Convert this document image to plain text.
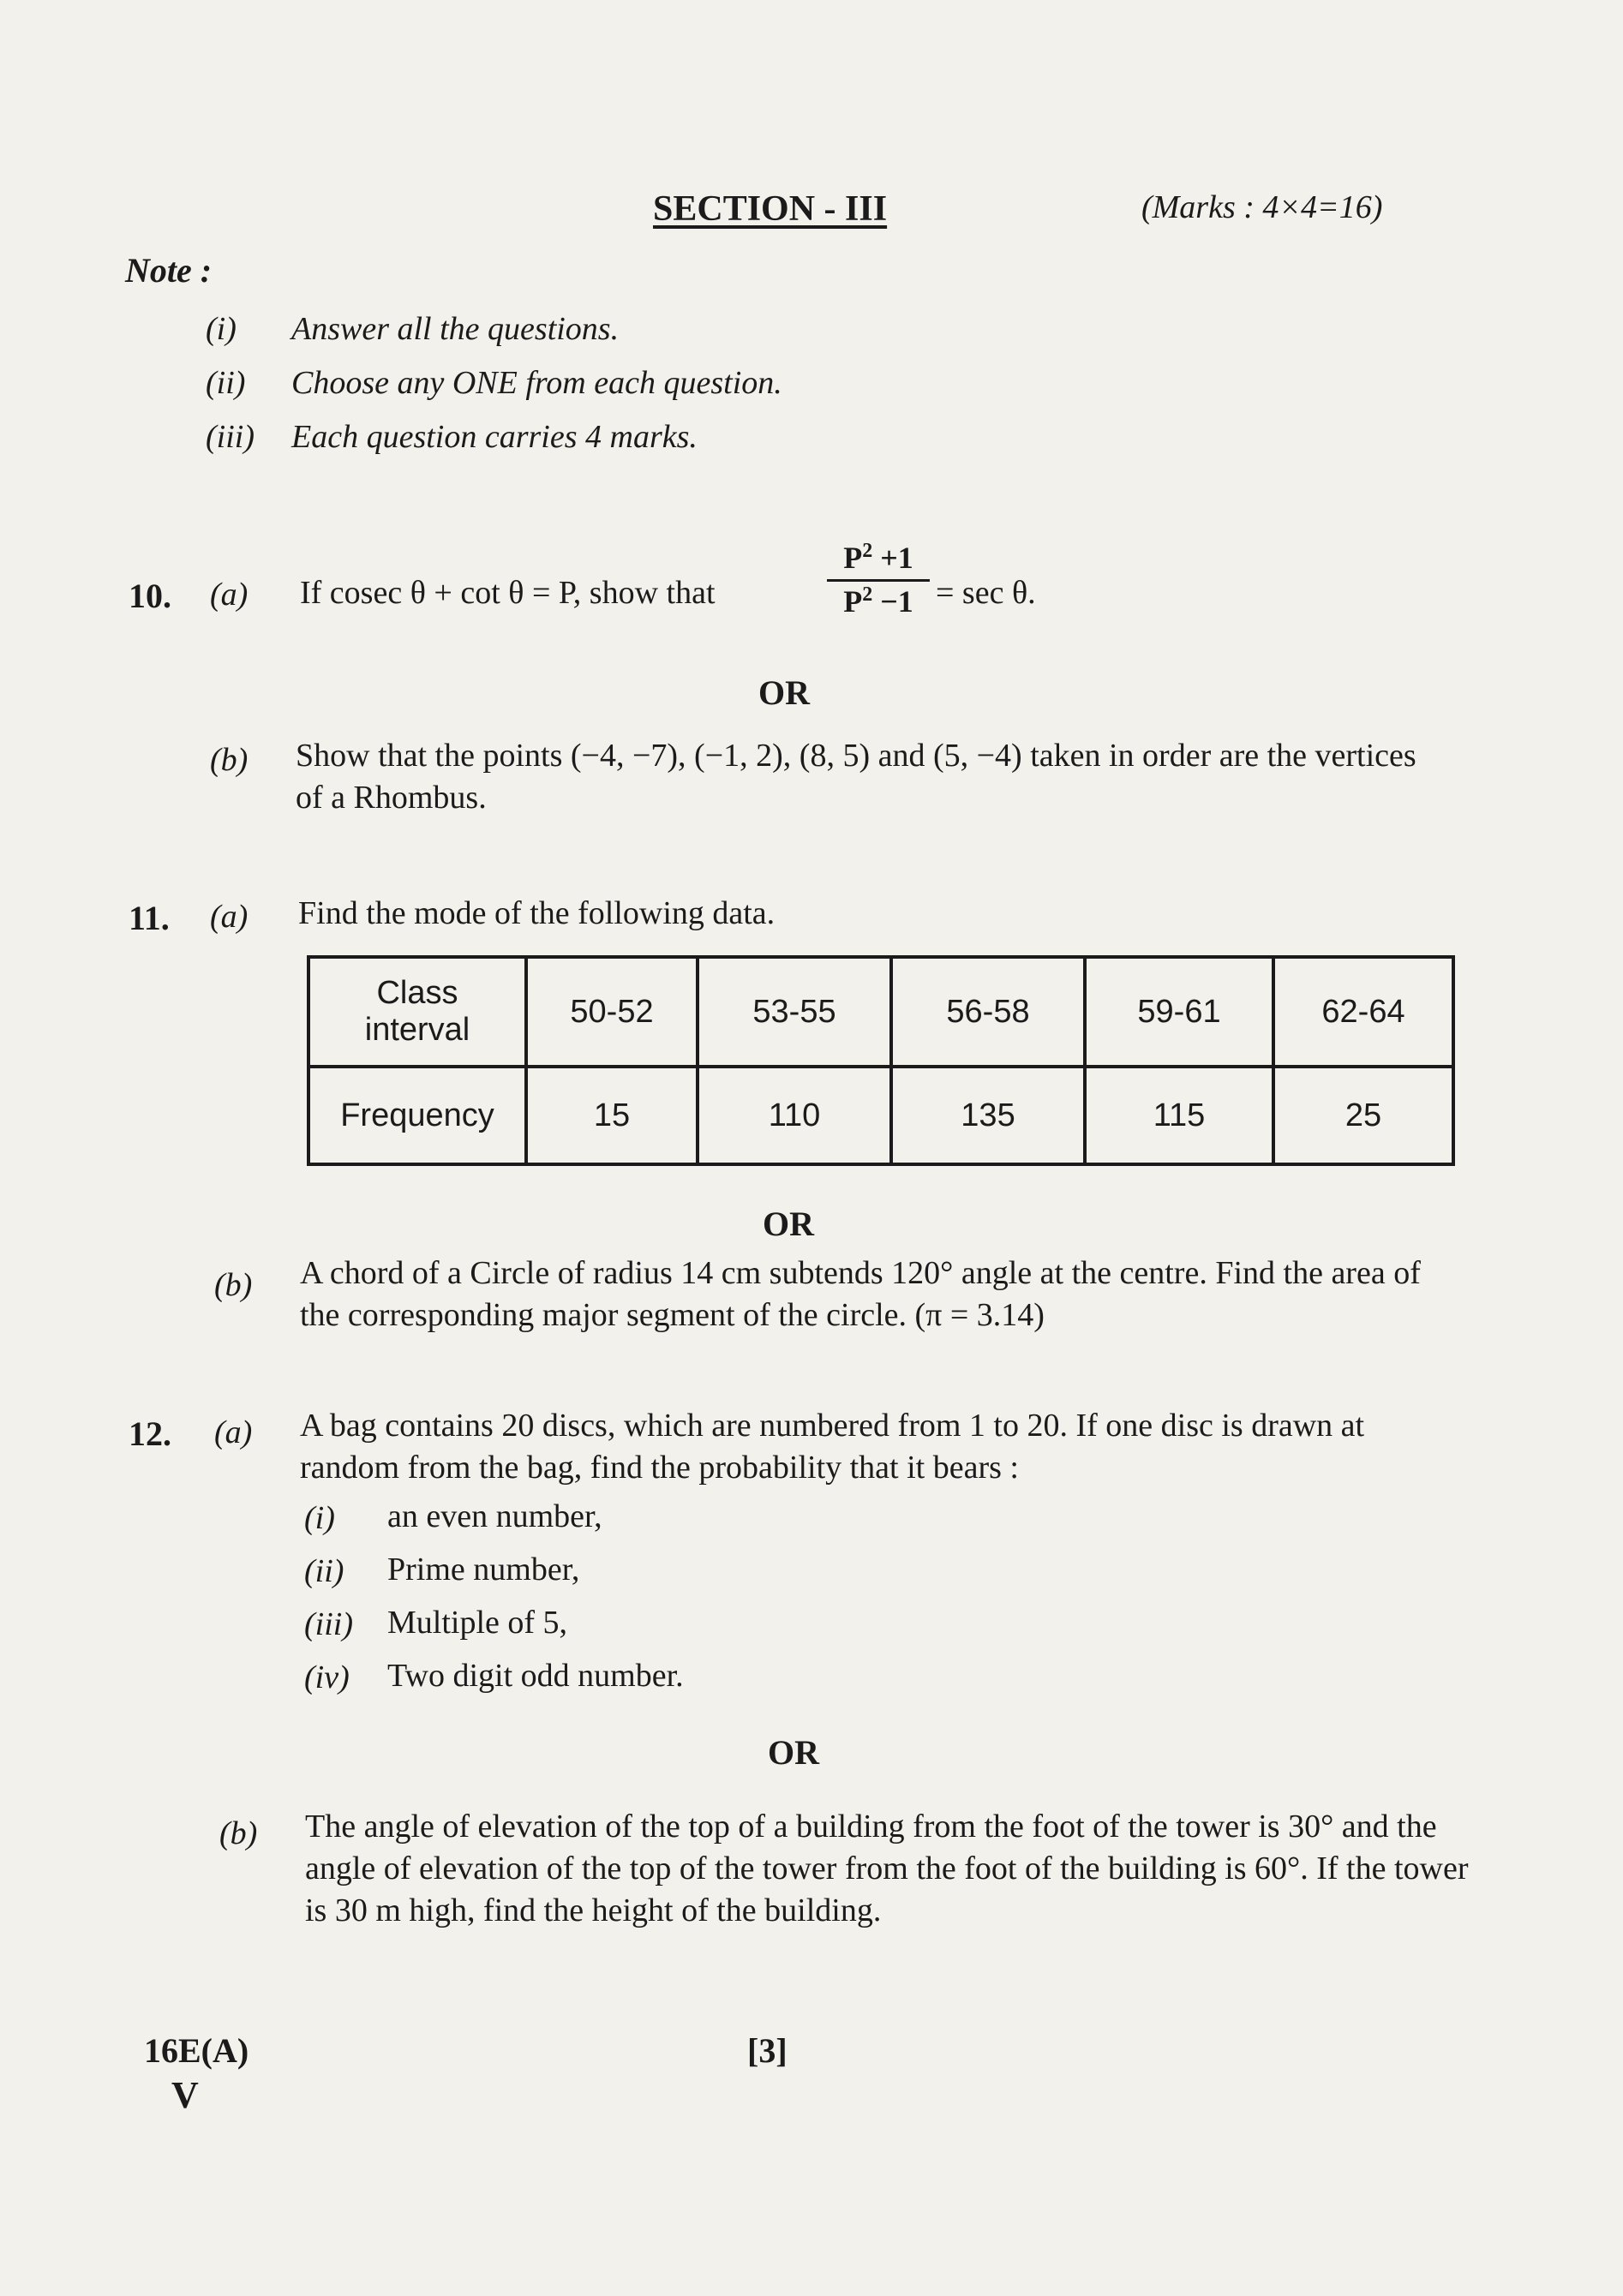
SECTION - III	(Marks : 4×4=16)
Note :
(i) Answer all the questions.
(ii) Choose any ONE from each question.
(iii) Each question carries 4 marks.
10. (a) If cosec θ + cot θ = P, show that	$\frac{P^2 +1}{P^2 -1} = \sec \theta$.
OR
(b) Show that the points (−4, −7), (−1, 2), (8, 5) and (5, −4) taken in order are the vertices of a Rhombus.
11. (a) Find the mode of the following data.
Class
interval	50-52	53-55	56-58	59-61	62-64
Frequency	15	110	135	115	25
OR
(b) A chord of a Circle of radius 14 cm subtends 120° angle at the centre. Find the area of the corresponding major segment of the circle. (π = 3.14)
12. (a) A bag contains 20 discs, which are numbered from 1 to 20. If one disc is drawn at random from the bag, find the probability that it bears :
(i) an even number,
(ii) Prime number,
(iii) Multiple of 5,
(iv) Two digit odd number.
OR
(b) The angle of elevation of the top of a building from the foot of the tower is 30° and the angle of elevation of the top of the tower from the foot of the building is 60°. If the tower is 30 m high, find the height of the building.
16E(A)
V
[3]
